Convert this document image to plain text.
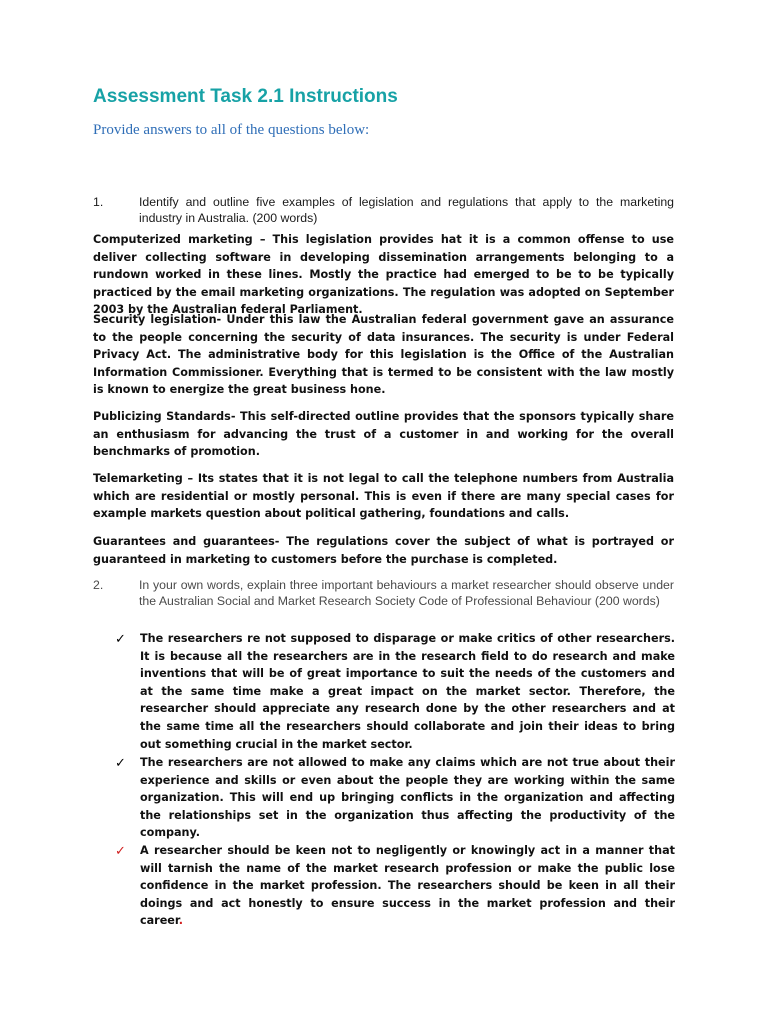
Assessment Task 2.1 Instructions
Provide answers to all of the questions below:
1.	Identify and outline five examples of legislation and regulations that apply to the marketing industry in Australia. (200 words)
Computerized marketing – This legislation provides hat it is a common offense to use deliver collecting software in developing dissemination arrangements belonging to a rundown worked in these lines. Mostly the practice had emerged to be to be typically practiced by the email marketing organizations. The regulation was adopted on September 2003 by the Australian federal Parliament.
Security legislation- Under this law the Australian federal government gave an assurance to the people concerning the security of data insurances. The security is under Federal Privacy Act. The administrative body for this legislation is the Office of the Australian Information Commissioner. Everything that is termed to be consistent with the law mostly is known to energize the great business hone.
Publicizing Standards- This self-directed outline provides that the sponsors typically share an enthusiasm for advancing the trust of a customer in and working for the overall benchmarks of promotion.
Telemarketing – Its states that it is not legal to call the telephone numbers from Australia which are residential or mostly personal. This is even if there are many special cases for example markets question about political gathering, foundations and calls.
Guarantees and guarantees- The regulations cover the subject of what is portrayed or guaranteed in marketing to customers before the purchase is completed.
2.	In your own words, explain three important behaviours a market researcher should observe under the Australian Social and Market Research Society Code of Professional Behaviour (200 words)
✓ The researchers re not supposed to disparage or make critics of other researchers. It is because all the researchers are in the research field to do research and make inventions that will be of great importance to suit the needs of the customers and at the same time make a great impact on the market sector. Therefore, the researcher should appreciate any research done by the other researchers and at the same time all the researchers should collaborate and join their ideas to bring out something crucial in the market sector.
✓ The researchers are not allowed to make any claims which are not true about their experience and skills or even about the people they are working within the same organization. This will end up bringing conflicts in the organization and affecting the relationships set in the organization thus affecting the productivity of the company.
✓ A researcher should be keen not to negligently or knowingly act in a manner that will tarnish the name of the market research profession or make the public lose confidence in the market profession. The researchers should be keen in all their doings and act honestly to ensure success in the market profession and their career.
